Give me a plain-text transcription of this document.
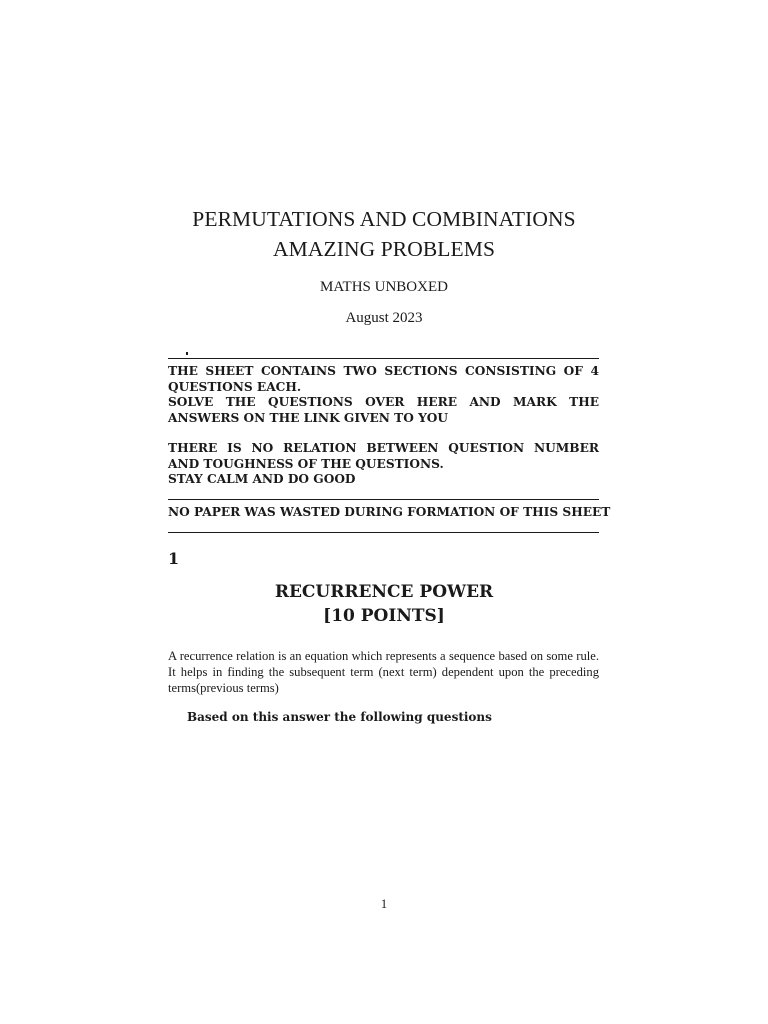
PERMUTATIONS AND COMBINATIONS
AMAZING PROBLEMS
MATHS UNBOXED
August 2023

THE SHEET CONTAINS TWO SECTIONS CONSISTING OF 4 QUESTIONS EACH.

SOLVE THE QUESTIONS OVER HERE AND MARK THE ANSWERS ON THE LINK GIVEN TO YOU

THERE IS NO RELATION BETWEEN QUESTION NUMBER AND TOUGHNESS OF THE QUESTIONS.

STAY CALM AND DO GOOD

NO PAPER WAS WASTED DURING FORMATION OF THIS SHEET
1
RECURRENCE POWER
[10 POINTS]

A recurrence relation is an equation which represents a sequence based on some rule. It helps in finding the subsequent term (next term) dependent upon the preceding terms(previous terms)

Based on this answer the following questions
1
